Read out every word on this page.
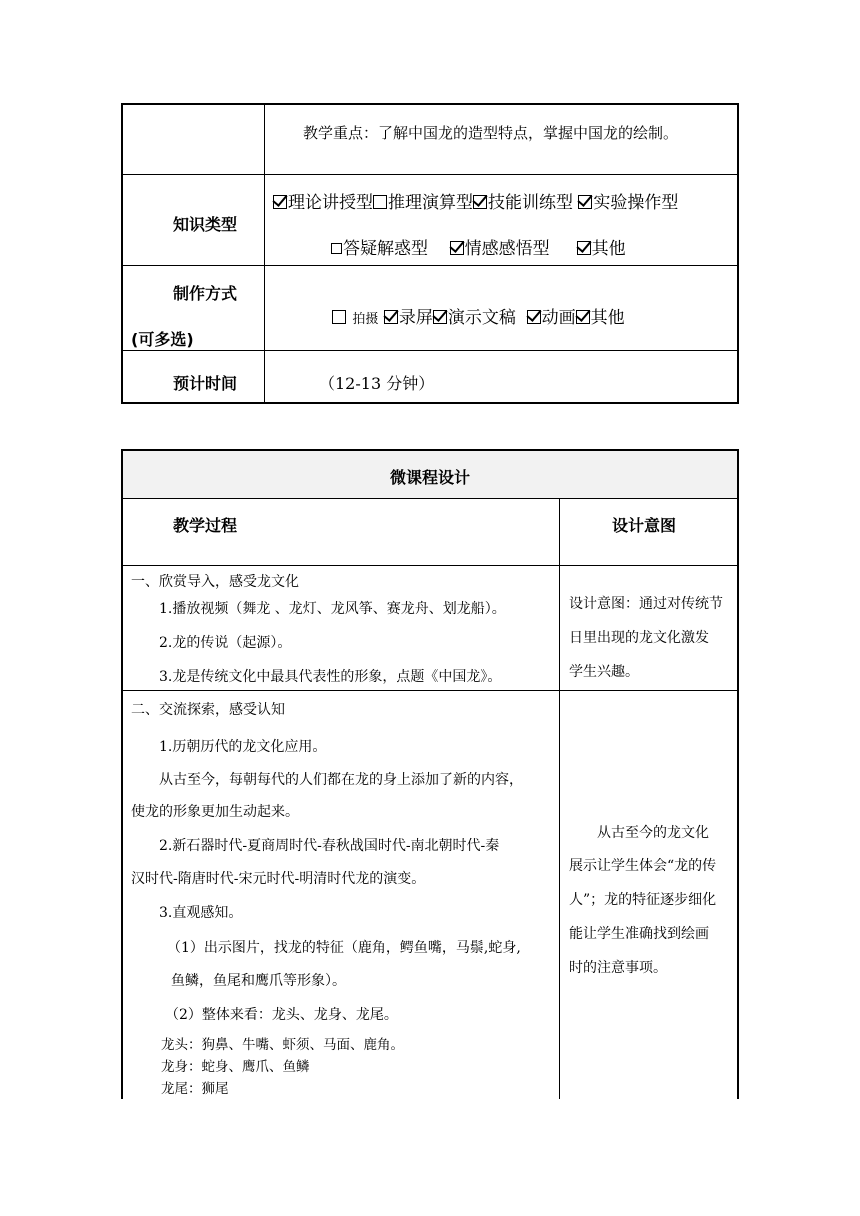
教学重点：了解中国龙的造型特点，掌握中国龙的绘制。
知识类型
理论讲授型 推理演算型 技能训练型 实验操作型
答疑解惑型 情感感悟型 其他
制作方式
(可多选)
拍摄 录屏 演示文稿 动画 其他
预计时间	（12-13 分钟）
微课程设计
教学过程	设计意图
一、欣赏导入，感受龙文化
1.播放视频（舞龙 、龙灯、龙风筝、赛龙舟、划龙船）。
2.龙的传说（起源）。
3.龙是传统文化中最具代表性的形象，点题《中国龙》。
设计意图：通过对传统节
日里出现的龙文化激发
学生兴趣。
二、交流探索，感受认知
1.历朝历代的龙文化应用。
从古至今，每朝每代的人们都在龙的身上添加了新的内容，
使龙的形象更加生动起来。
2.新石器时代-夏商周时代-春秋战国时代-南北朝时代-秦
汉时代-隋唐时代-宋元时代-明清时代龙的演变。
3.直观感知。
（1）出示图片，找龙的特征（鹿角，鳄鱼嘴，马鬃,蛇身,
鱼鳞，鱼尾和鹰爪等形象）。
（2）整体来看：龙头、龙身、龙尾。
龙头：狗鼻、牛嘴、虾须、马面、鹿角。
龙身：蛇身、鹰爪、鱼鳞
龙尾：狮尾
从古至今的龙文化
展示让学生体会“龙的传
人”；龙的特征逐步细化
能让学生准确找到绘画
时的注意事项。
